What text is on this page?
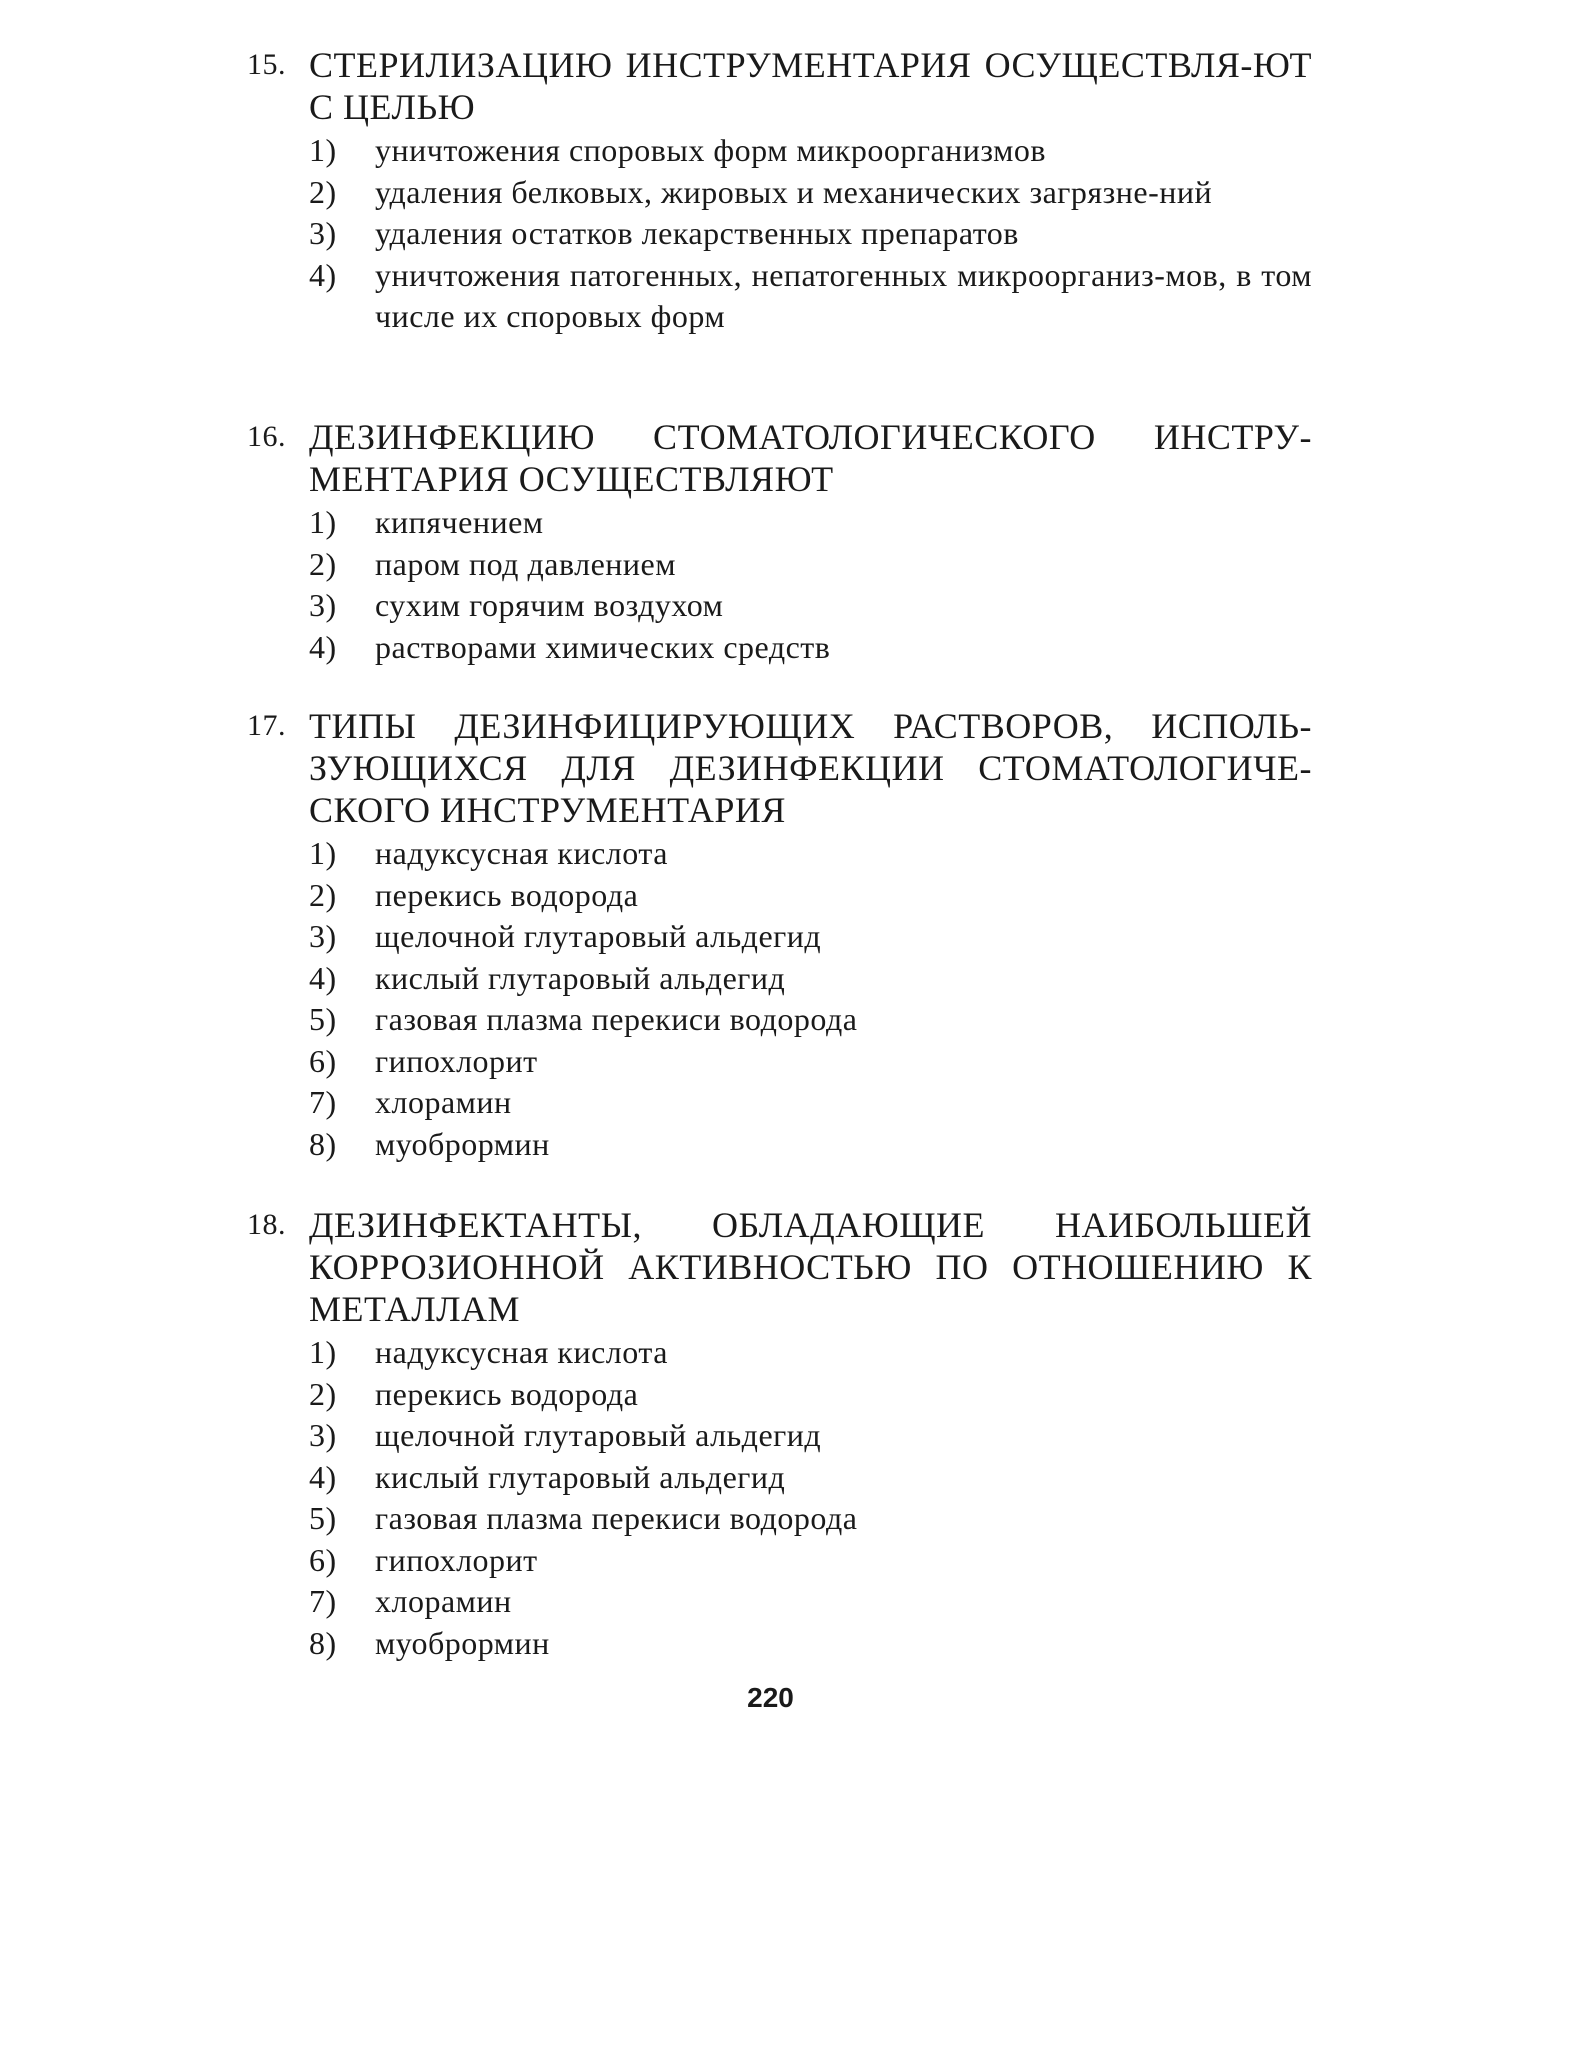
15. СТЕРИЛИЗАЦИЮ ИНСТРУМЕНТАРИЯ ОСУЩЕСТВЛЯ-ЮТ С ЦЕЛЬЮ
1) уничтожения споровых форм микроорганизмов
2) удаления белковых, жировых и механических загрязне-ний
3) удаления остатков лекарственных препаратов
4) уничтожения патогенных, непатогенных микроорганиз-мов, в том числе их споровых форм
16. ДЕЗИНФЕКЦИЮ СТОМАТОЛОГИЧЕСКОГО ИНСТРУ-МЕНТАРИЯ ОСУЩЕСТВЛЯЮТ
1) кипячением
2) паром под давлением
3) сухим горячим воздухом
4) растворами химических средств
17. ТИПЫ ДЕЗИНФИЦИРУЮЩИХ РАСТВОРОВ, ИСПОЛЬ-ЗУЮЩИХСЯ ДЛЯ ДЕЗИНФЕКЦИИ СТОМАТОЛОГИЧЕ-СКОГО ИНСТРУМЕНТАРИЯ
1) надуксусная кислота
2) перекись водорода
3) щелочной глутаровый альдегид
4) кислый глутаровый альдегид
5) газовая плазма перекиси водорода
6) гипохлорит
7) хлорамин
8) муобрормин
18. ДЕЗИНФЕКТАНТЫ, ОБЛАДАЮЩИЕ НАИБОЛЬШЕЙ КОРРОЗИОННОЙ АКТИВНОСТЬЮ ПО ОТНОШЕНИЮ К МЕТАЛЛАМ
1) надуксусная кислота
2) перекись водорода
3) щелочной глутаровый альдегид
4) кислый глутаровый альдегид
5) газовая плазма перекиси водорода
6) гипохлорит
7) хлорамин
8) муобрормин
220
